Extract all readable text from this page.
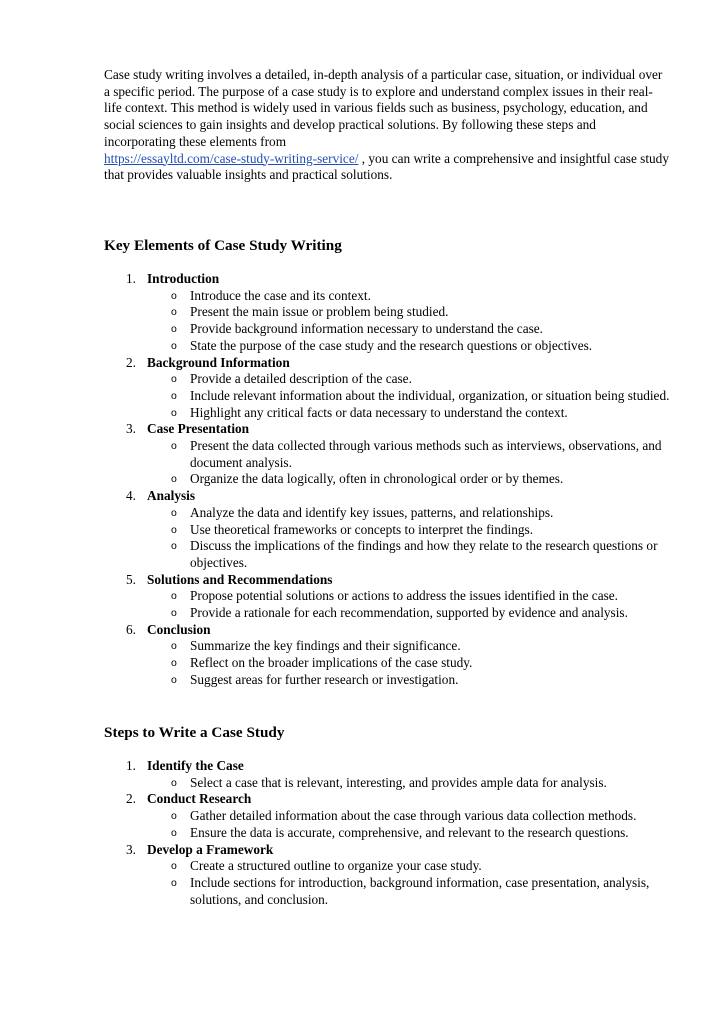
Case study writing involves a detailed, in-depth analysis of a particular case, situation, or individual over a specific period. The purpose of a case study is to explore and understand complex issues in their real-life context. This method is widely used in various fields such as business, psychology, education, and social sciences to gain insights and develop practical solutions. By following these steps and incorporating these elements from
https://essayltd.com/case-study-writing-service/ , you can write a comprehensive and insightful case study that provides valuable insights and practical solutions.

Key Elements of Case Study Writing
1. Introduction
o Introduce the case and its context.
o Present the main issue or problem being studied.
o Provide background information necessary to understand the case.
o State the purpose of the case study and the research questions or objectives.
2. Background Information
o Provide a detailed description of the case.
o Include relevant information about the individual, organization, or situation being studied.
o Highlight any critical facts or data necessary to understand the context.
3. Case Presentation
o Present the data collected through various methods such as interviews, observations, and document analysis.
o Organize the data logically, often in chronological order or by themes.
4. Analysis
o Analyze the data and identify key issues, patterns, and relationships.
o Use theoretical frameworks or concepts to interpret the findings.
o Discuss the implications of the findings and how they relate to the research questions or objectives.
5. Solutions and Recommendations
o Propose potential solutions or actions to address the issues identified in the case.
o Provide a rationale for each recommendation, supported by evidence and analysis.
6. Conclusion
o Summarize the key findings and their significance.
o Reflect on the broader implications of the case study.
o Suggest areas for further research or investigation.
Steps to Write a Case Study
1. Identify the Case
o Select a case that is relevant, interesting, and provides ample data for analysis.
2. Conduct Research
o Gather detailed information about the case through various data collection methods.
o Ensure the data is accurate, comprehensive, and relevant to the research questions.
3. Develop a Framework
o Create a structured outline to organize your case study.
o Include sections for introduction, background information, case presentation, analysis, solutions, and conclusion.
